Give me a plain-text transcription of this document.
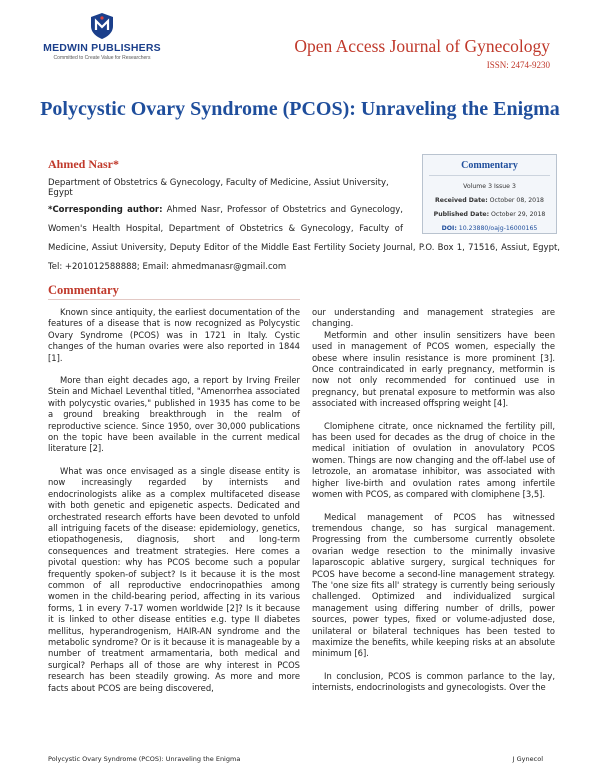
MEDWIN PUBLISHERS
Committed to Create Value for Researchers
Open Access Journal of Gynecology
ISSN: 2474-9230
Polycystic Ovary Syndrome (PCOS): Unraveling the Enigma
Ahmed Nasr*
Department of Obstetrics & Gynecology, Faculty of Medicine, Assiut University, Egypt
*Corresponding author: Ahmed Nasr, Professor of Obstetrics and Gynecology,
Women's Health Hospital, Department of Obstetrics & Gynecology, Faculty of
Medicine, Assiut University, Deputy Editor of the Middle East Fertility Society Journal, P.O. Box 1, 71516, Assiut, Egypt,
Tel: +201012588888; Email: ahmedmanasr@gmail.com
Commentary
Volume 3 Issue 3
Received Date: October 08, 2018
Published Date: October 29, 2018
DOI: 10.23880/oajg-16000165
Commentary

Known since antiquity, the earliest documentation of the features of a disease that is now recognized as Polycystic Ovary Syndrome (PCOS) was in 1721 in Italy. Cystic changes of the human ovaries were also reported in 1844 [1].

More than eight decades ago, a report by Irving Freiler Stein and Michael Leventhal titled, "Amenorrhea associated with polycystic ovaries," published in 1935 has come to be a ground breaking breakthrough in the realm of reproductive science. Since 1950, over 30,000 publications on the topic have been available in the current medical literature [2].

What was once envisaged as a single disease entity is now increasingly regarded by internists and endocrinologists alike as a complex multifaceted disease with both genetic and epigenetic aspects. Dedicated and orchestrated research efforts have been devoted to unfold all intriguing facets of the disease: epidemiology, genetics, etiopathogenesis, diagnosis, short and long-term consequences and treatment strategies. Here comes a pivotal question: why has PCOS become such a popular frequently spoken-of subject? Is it because it is the most common of all reproductive endocrinopathies among women in the child-bearing period, affecting in its various forms, 1 in every 7-17 women worldwide [2]? Is it because it is linked to other disease entities e.g. type II diabetes mellitus, hyperandrogenism, HAIR-AN syndrome and the metabolic syndrome? Or is it because it is manageable by a number of treatment armamentaria, both medical and surgical? Perhaps all of those are why interest in PCOS research has been steadily growing. As more and more facts about PCOS are being discovered,

our understanding and management strategies are changing.

Metformin and other insulin sensitizers have been used in management of PCOS women, especially the obese where insulin resistance is more prominent [3]. Once contraindicated in early pregnancy, metformin is now not only recommended for continued use in pregnancy, but prenatal exposure to metformin was also associated with increased offspring weight [4].

Clomiphene citrate, once nicknamed the fertility pill, has been used for decades as the drug of choice in the medical initiation of ovulation in anovulatory PCOS women. Things are now changing and the off-label use of letrozole, an aromatase inhibitor, was associated with higher live-birth and ovulation rates among infertile women with PCOS, as compared with clomiphene [3,5].

Medical management of PCOS has witnessed tremendous change, so has surgical management. Progressing from the cumbersome currently obsolete ovarian wedge resection to the minimally invasive laparoscopic ablative surgery, surgical techniques for PCOS have become a second-line management strategy. The 'one size fits all' strategy is currently being seriously challenged. Optimized and individualized surgical management using differing number of drills, power sources, power types, fixed or volume-adjusted dose, unilateral or bilateral techniques has been tested to maximize the benefits, while keeping risks at an absolute minimum [6].

In conclusion, PCOS is common parlance to the lay, internists, endocrinologists and gynecologists. Over the

Polycystic Ovary Syndrome (PCOS): Unraveling the Enigma	J Gynecol
